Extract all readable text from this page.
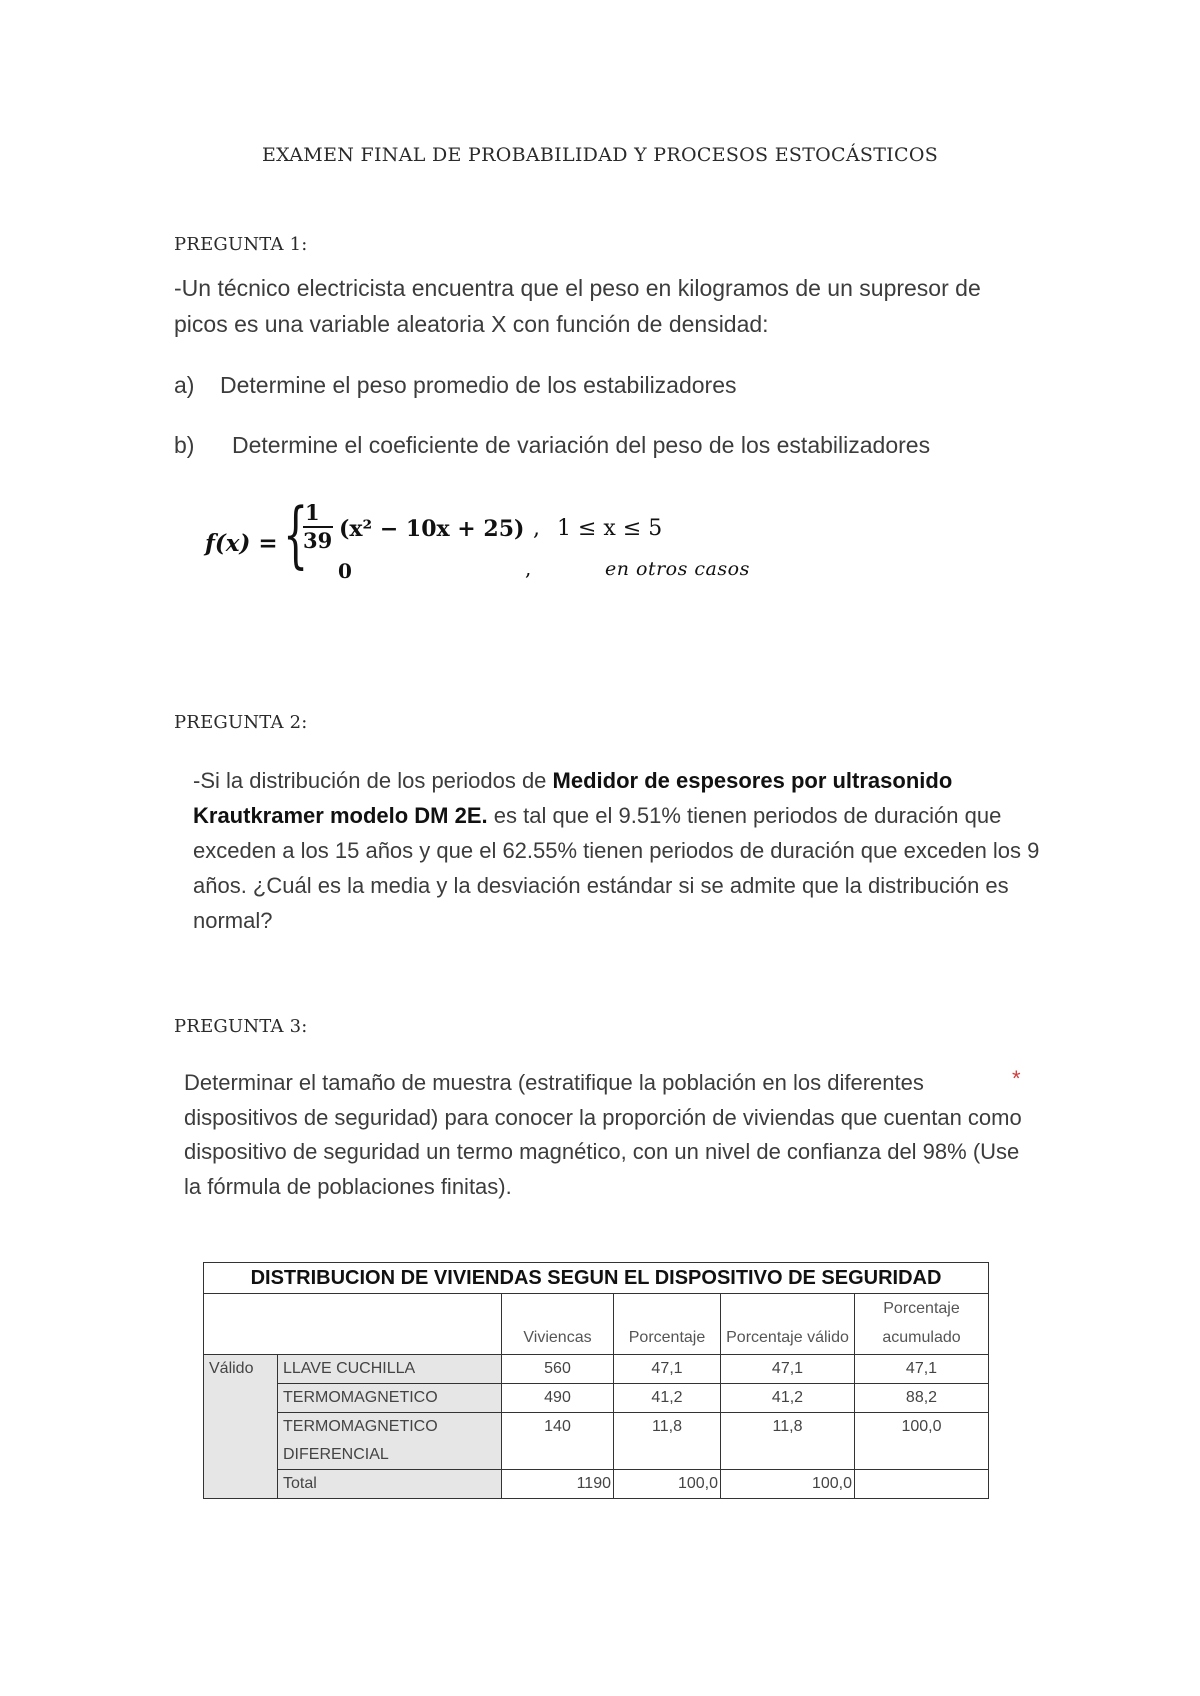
EXAMEN FINAL DE PROBABILIDAD Y PROCESOS ESTOCÁSTICOS
PREGUNTA 1:
-Un técnico electricista encuentra que el peso en kilogramos de un supresor de
picos es una variable aleatoria X con función de densidad:
a) Determine el peso promedio de los estabilizadores
b) Determine el coeficiente de variación del peso de los estabilizadores
f(x) = {
1
39 (x² − 10x + 25) , 1 ≤ x ≤ 5
0	,	en otros casos
PREGUNTA 2:
-Si la distribución de los periodos de Medidor de espesores por ultrasonido Krautkramer modelo DM 2E. es tal que el 9.51% tienen periodos de duración que exceden a los 15 años y que el 62.55% tienen periodos de duración que exceden los 9 años. ¿Cuál es la media y la desviación estándar si se admite que la distribución es normal?
PREGUNTA 3:
Determinar el tamaño de muestra (estratifique la población en los diferentes dispositivos de seguridad) para conocer la proporción de viviendas que cuentan como dispositivo de seguridad un termo magnético, con un nivel de confianza del 98% (Use la fórmula de poblaciones finitas).
*
DISTRIBUCION DE VIVIENDAS SEGUN EL DISPOSITIVO DE SEGURIDAD					
		Viviencas	Porcentaje	Porcentaje válido	Porcentaje acumulado
Válido	LLAVE CUCHILLA	560	47,1	47,1	47,1
	TERMOMAGNETICO	490	41,2	41,2	88,2
	TERMOMAGNETICO DIFERENCIAL	140	11,8	11,8	100,0
	Total	1190	100,0	100,0	
